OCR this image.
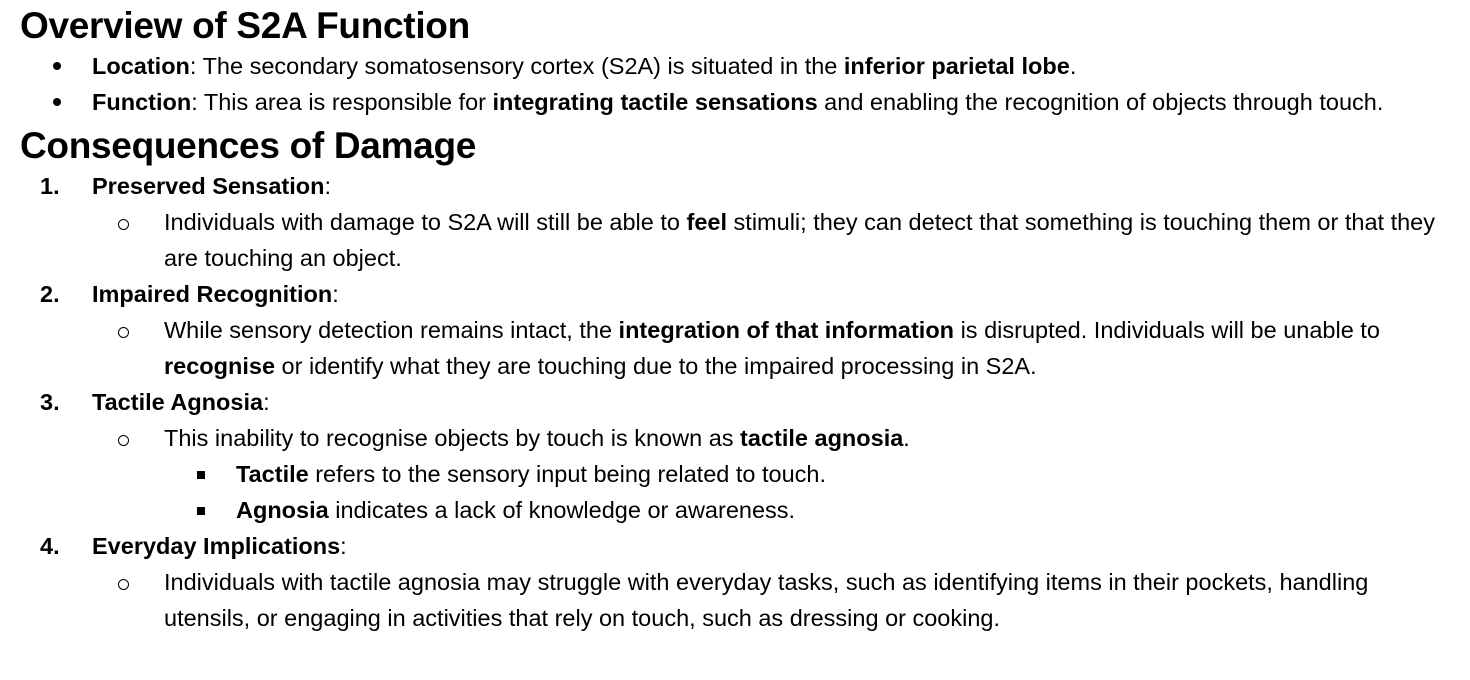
Overview of S2A Function
Location: The secondary somatosensory cortex (S2A) is situated in the inferior parietal lobe.
Function: This area is responsible for integrating tactile sensations and enabling the recognition of objects through touch.
Consequences of Damage
1. Preserved Sensation:
Individuals with damage to S2A will still be able to feel stimuli; they can detect that something is touching them or that they are touching an object.
2. Impaired Recognition:
While sensory detection remains intact, the integration of that information is disrupted. Individuals will be unable to recognise or identify what they are touching due to the impaired processing in S2A.
3. Tactile Agnosia:
This inability to recognise objects by touch is known as tactile agnosia.
Tactile refers to the sensory input being related to touch.
Agnosia indicates a lack of knowledge or awareness.
4. Everyday Implications:
Individuals with tactile agnosia may struggle with everyday tasks, such as identifying items in their pockets, handling utensils, or engaging in activities that rely on touch, such as dressing or cooking.
